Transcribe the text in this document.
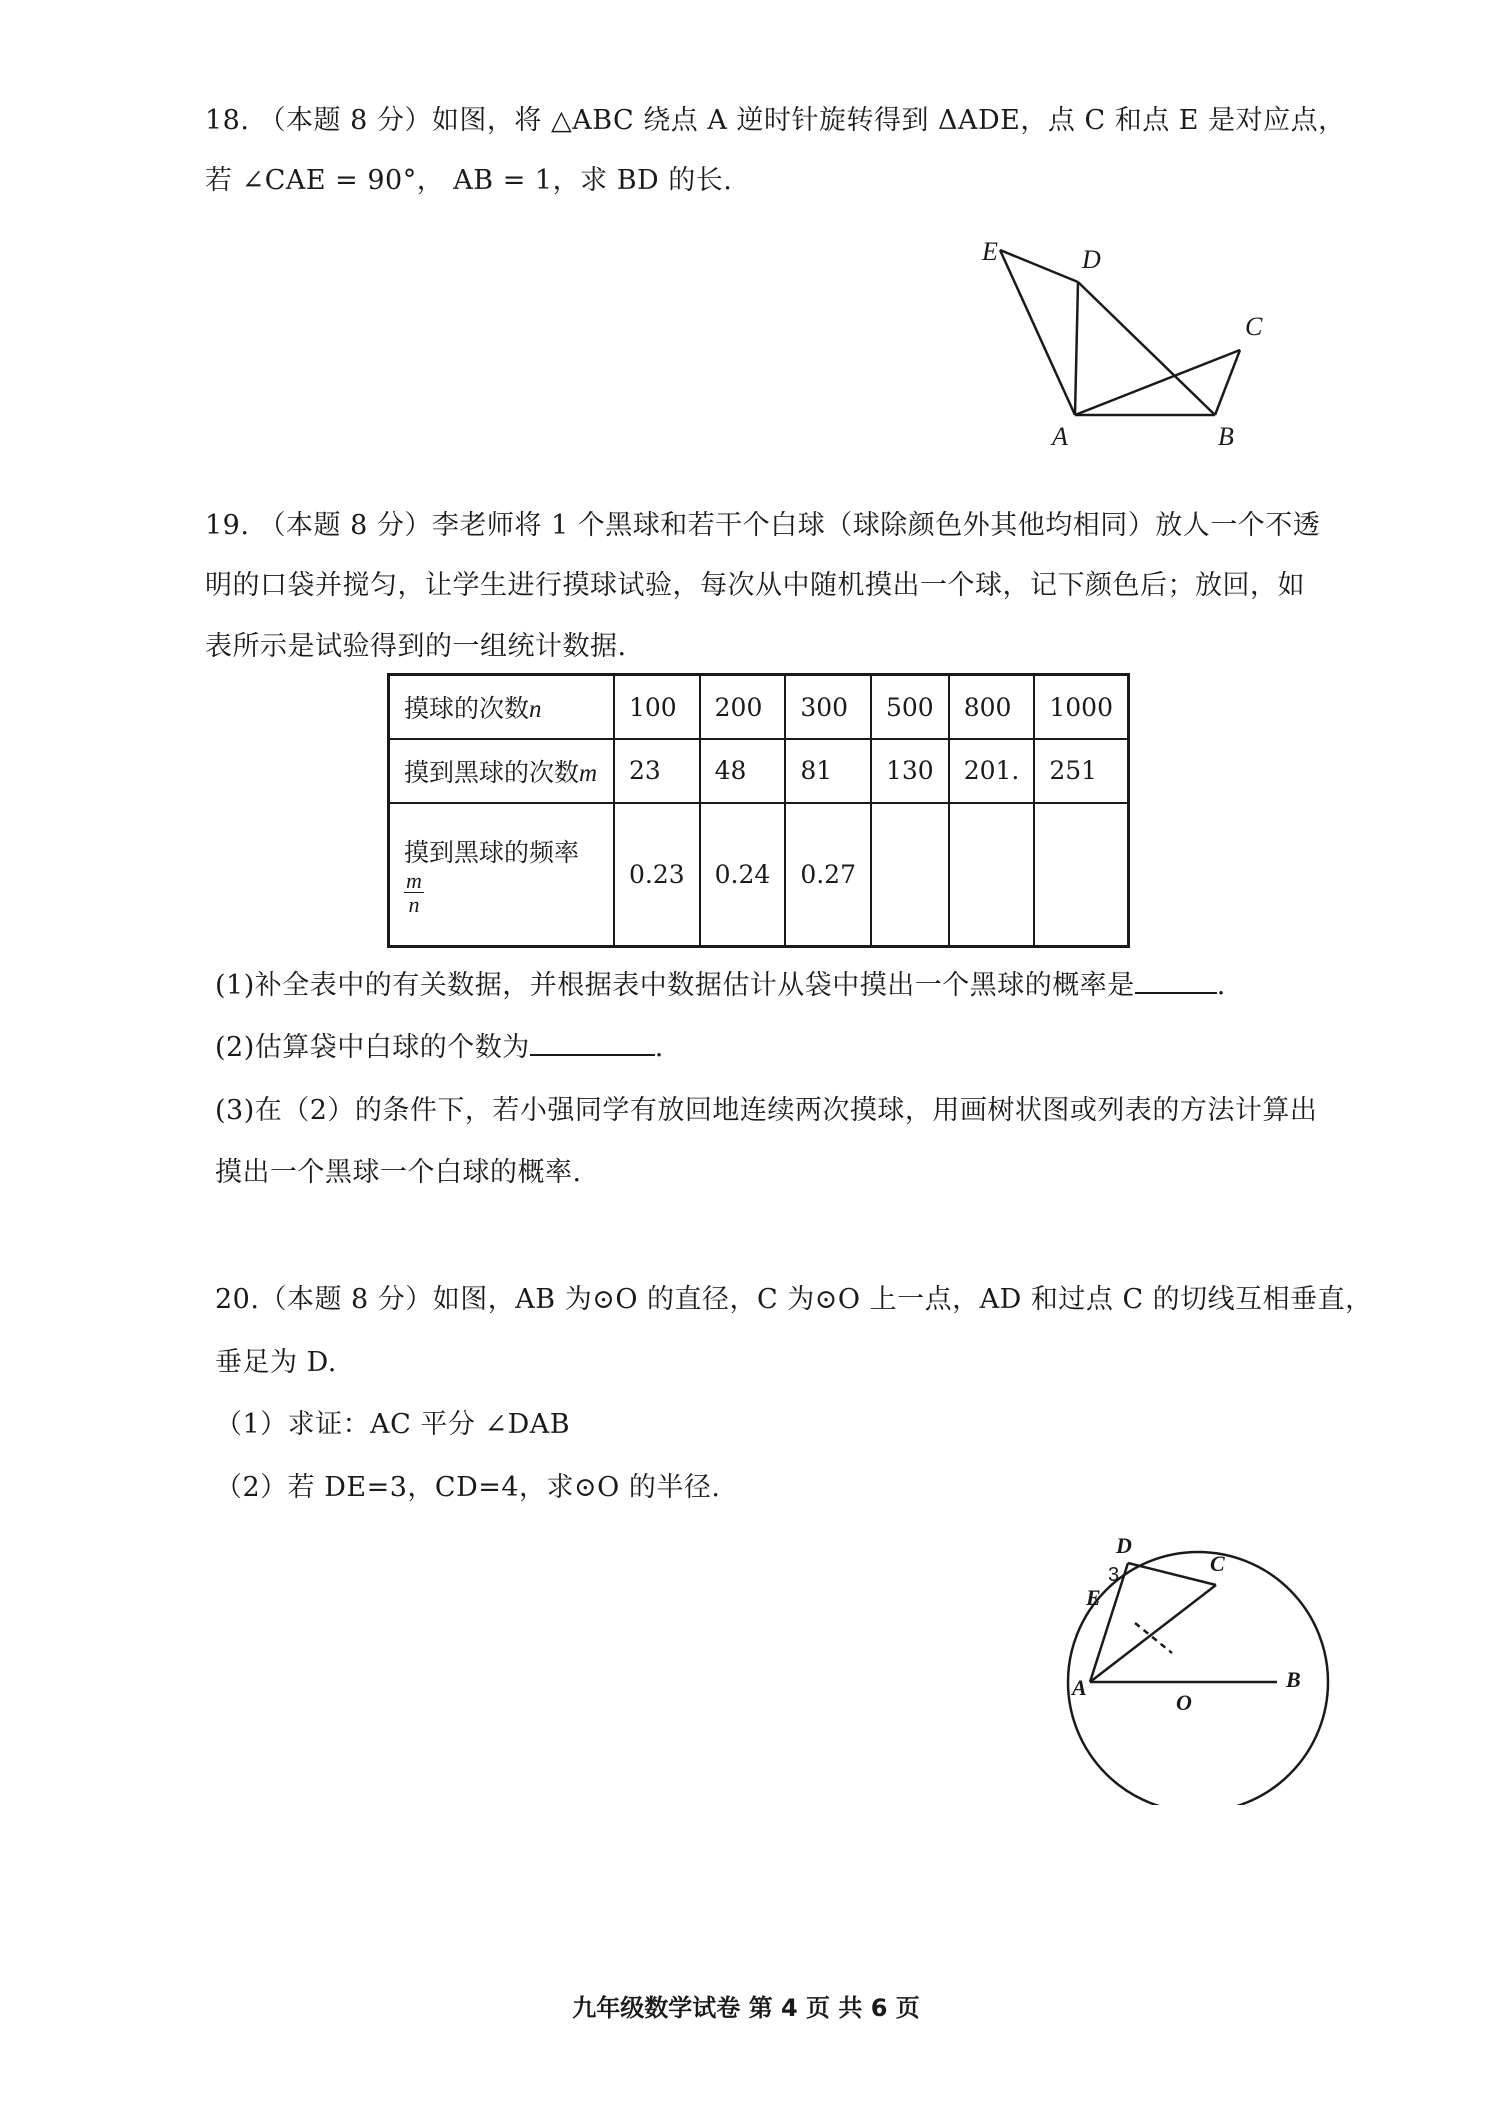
18. （本题 8 分）如图，将 △ABC 绕点 A 逆时针旋转得到 ΔADE，点 C 和点 E 是对应点，
若 ∠CAE = 90°， AB = 1，求 BD 的长.
E	D
C
A	B
19. （本题 8 分）李老师将 1 个黑球和若干个白球（球除颜色外其他均相同）放人一个不透
明的口袋并搅匀，让学生进行摸球试验，每次从中随机摸出一个球，记下颜色后；放回，如
表所示是试验得到的一组统计数据.
摸球的次数n	100	200	300	500	800	1000
摸到黑球的次数m	23	48	81	130	201.	251
摸到黑球的频率
$\frac{m}{n}$	0.23	0.24	0.27			
(1)补全表中的有关数据，并根据表中数据估计从袋中摸出一个黑球的概率是	.
(2)估算袋中白球的个数为	.
(3)在（2）的条件下，若小强同学有放回地连续两次摸球，用画树状图或列表的方法计算出
摸出一个黑球一个白球的概率.
20.（本题 8 分）如图，AB 为⊙O 的直径，C 为⊙O 上一点，AD 和过点 C 的切线互相垂直，
垂足为 D.
（1）求证：AC 平分 ∠DAB
（2）若 DE=3，CD=4，求⊙O 的半径.
D
C
E
A	B
O
3
九年级数学试卷 第 4 页 共 6 页
